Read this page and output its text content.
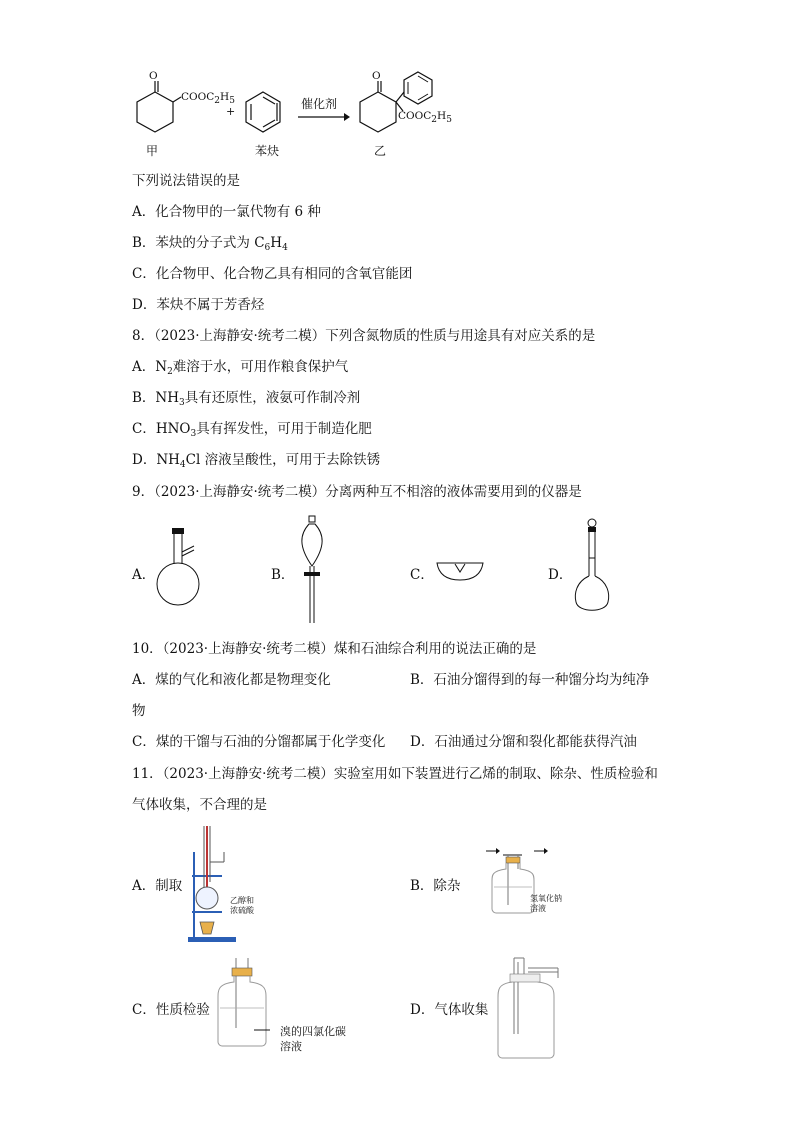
O
$COOC_2H_5$
+
催化剂
O
$COOC_2H_5$
甲	苯炔	乙
下列说法错误的是
A．化合物甲的一氯代物有 6 种
B．苯炔的分子式为 $C_6H_4$
C．化合物甲、化合物乙具有相同的含氧官能团
D．苯炔不属于芳香烃
8．（2023·上海静安·统考二模）下列含氮物质的性质与用途具有对应关系的是
A．$N_2$难溶于水，可用作粮食保护气
B．$NH_3$具有还原性，液氨可作制冷剂
C．$HNO_3$具有挥发性，可用于制造化肥
D．$NH_4Cl$ 溶液呈酸性，可用于去除铁锈
9．（2023·上海静安·统考二模）分离两种互不相溶的液体需要用到的仪器是
A．	B．	C．	D．
10．（2023·上海静安·统考二模）煤和石油综合利用的说法正确的是
A．煤的气化和液化都是物理变化	B．石油分馏得到的每一种馏分均为纯净
物
C．煤的干馏与石油的分馏都属于化学变化 D．石油通过分馏和裂化都能获得汽油
11．（2023·上海静安·统考二模）实验室用如下装置进行乙烯的制取、除杂、性质检验和
气体收集，不合理的是
A．制取
乙醇和
浓硫酸
B．除杂
氢氧化钠
溶液
C．性质检验
溴的四氯化碳
溶液
D．气体收集
